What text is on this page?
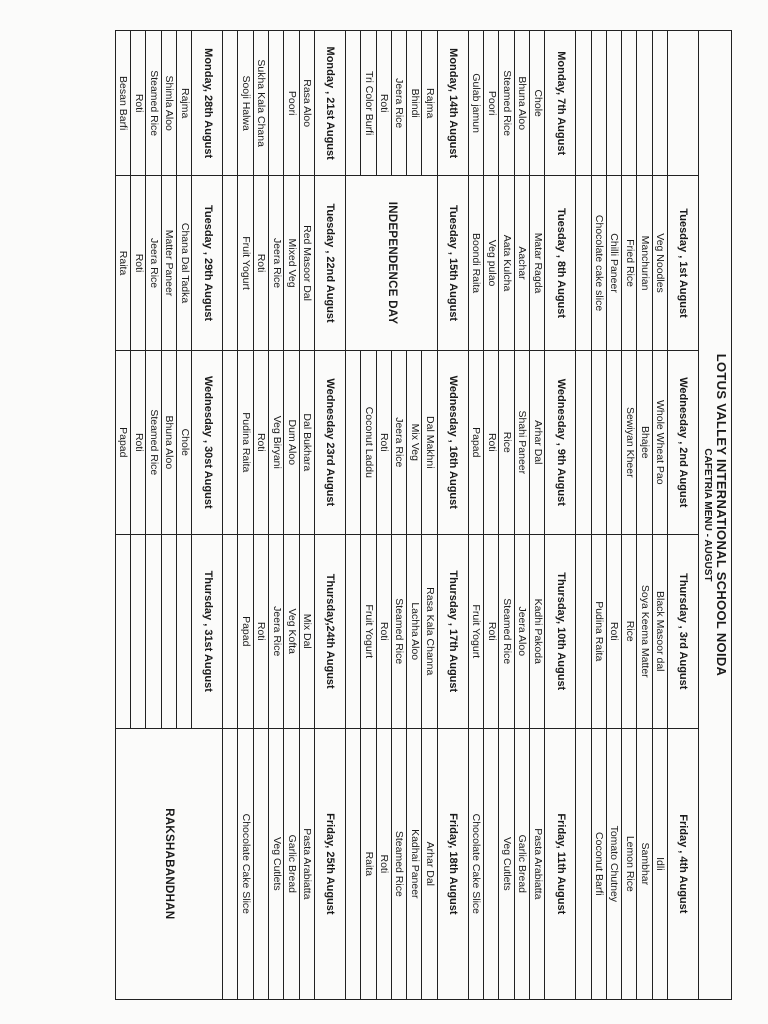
LOTUS VALLEY INTERNATIONAL SCHOOL NOIDA
CAFETRIA MENU - AUGUST
	Tuesday , 1st August	Wednesday , 2nd August	Thursday , 3rd August	Friday , 4th August
	Veg Noodles	Whole Wheat Pao	Black Masoor dal	Idli
	Manchurian	Bhajee	Soya Keema Matter	Sambhar
	Fried Rice	Sewiyan Kheer	Rice	Lemon Rice
	Chilli Paneer		Roti	Tomato Chutney
	Chocolate cake slice		Pudina Raita	Coconut Barfi

Monday, 7th August	Tuesday , 8th August	Wednesday , 9th August	Thursday, 10th August	Friday, 11th August
Chole	Matar Ragda	Arhar Dal	Kadhi Pakoda	Pasta Arabiatta
Bhuna Aloo	Aachar	Shahi Paneer	Jeera Aloo	Garlic Bread
Steamed Rice	Aata Kulcha	Rice	Steamed Rice	Veg Cutlets
Poori	Veg pulao	Roti	Roti	
Gulab jamun	Boondi Raita	Papad	Fruit Yogurt	Chocolate Cake Slice
Monday, 14th August	Tuesday , 15th August	Wednesday , 16th August	Thursday , 17th August	Friday, 18th August
Rajma	INDEPENDENCE DAY	Dal Makhni	Rasa Kala Channa	Arhar Dal
Bhindi		Mix Veg	Lachha Aloo	Kadhai Paneer
Jeera Rice		Jeera Rice	Steamed Rice	Steamed Rice
Roti		Roti	Roti	Roti
Tri Color Burfi		Coconut Laddu	Fruit Yogurt	Raita

Monday , 21st August	Tuesday , 22nd August	Wednesday 23rd August	Thursday,24th August	Friday, 25th August
Rasa Aloo	Red Masoor Dal	Dal Bukhara	Mix Dal	Pasta Arabiatta
Poori	Mixed Veg	Dum Aloo	Veg Kofta	Garlic Bread
	Jeera Rice	Veg Biryani	Jeera Rice	Veg Cutlets
Sukha Kala Chana	Roti	Roti	Roti	
Sooji Halwa	Fruit Yogurt	Pudina Raita	Papad	Chocolate Cake Slice

Monday, 28th August	Tuesday , 29th August	Wednesday , 30st August	Thursday , 31st August	RAKSHABANDHAN
Rajma	Chana Dal Tadka	Chole		
Shimla Aloo	Matter Paneer	Bhuna Aloo		
Steamed Rice	Jeera Rice	Steamed Rice		
Roti	Roti	Roti		
Besan Barfi	Raita	Papad		
